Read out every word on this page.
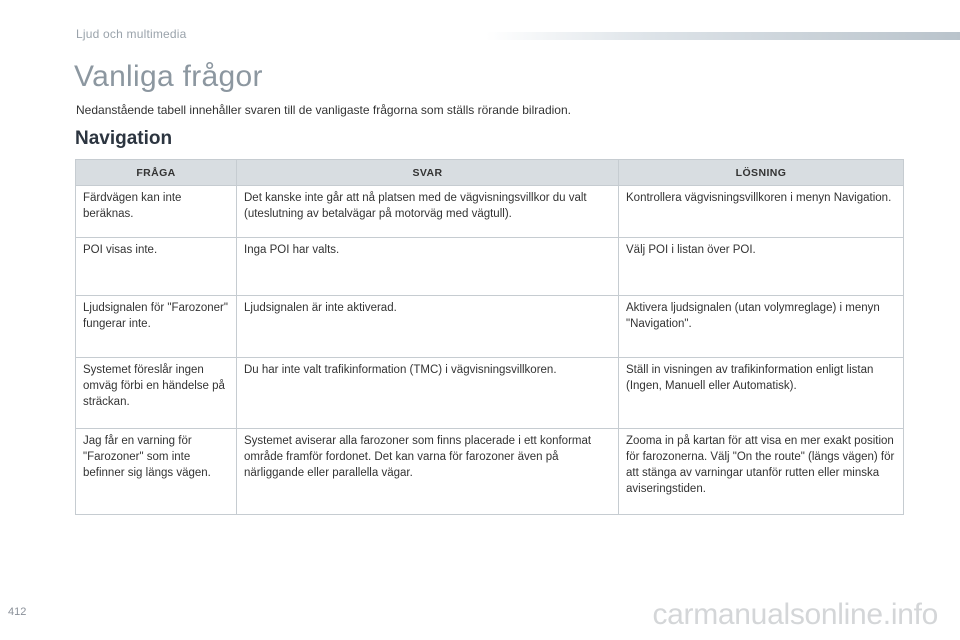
Ljud och multimedia
Vanliga frågor
Nedanstående tabell innehåller svaren till de vanligaste frågorna som ställs rörande bilradion.
Navigation
FRÅGA	SVAR	LÖSNING
Färdvägen kan inte beräknas.	Det kanske inte går att nå platsen med de vägvisningsvillkor du valt (uteslutning av betalvägar på motorväg med vägtull).	Kontrollera vägvisningsvillkoren i menyn Navigation.
POI visas inte.	Inga POI har valts.	Välj POI i listan över POI.
Ljudsignalen för "Farozoner" fungerar inte.	Ljudsignalen är inte aktiverad.	Aktivera ljudsignalen (utan volymreglage) i menyn "Navigation".
Systemet föreslår ingen omväg förbi en händelse på sträckan.	Du har inte valt trafikinformation (TMC) i vägvisningsvillkoren.	Ställ in visningen av trafikinformation enligt listan (Ingen, Manuell eller Automatisk).
Jag får en varning för "Farozoner" som inte befinner sig längs vägen.	Systemet aviserar alla farozoner som finns placerade i ett konformat område framför fordonet. Det kan varna för farozoner även på närliggande eller parallella vägar.	Zooma in på kartan för att visa en mer exakt position för farozonerna. Välj "On the route" (längs vägen) för att stänga av varningar utanför rutten eller minska aviseringstiden.
412	carmanualsonline.info
